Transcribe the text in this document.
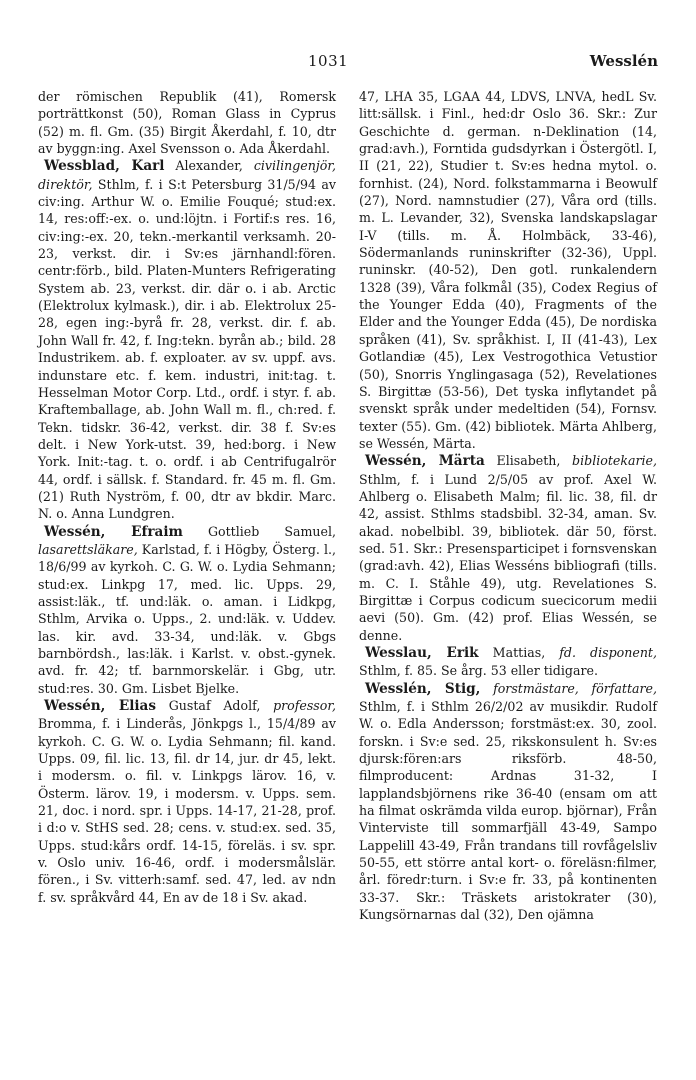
1031	Wesslén

der römischen Republik (41), Romersk porträttkonst (50), Roman Glass in Cyprus (52) m. fl. Gm. (35) Birgit Åkerdahl, f. 10, dtr av byggn:ing. Axel Svensson o. Ada Åkerdahl.

Wessblad, Karl Alexander, civilingenjör, direktör, Sthlm, f. i S:t Petersburg 31/5/94 av civ:ing. Arthur W. o. Emilie Fouqué; stud:ex. 14, res:off:-ex. o. und:löjtn. i Fortif:s res. 16, civ:ing:-ex. 20, tekn.-merkantil verksamh. 20-23, verkst. dir. i Sv:es järnhandl:fören. centr:förb., bild. Platen-Munters Refrigerating System ab. 23, verkst. dir. där o. i ab. Arctic (Elektrolux kylmask.), dir. i ab. Elektrolux 25-28, egen ing:-byrå fr. 28, verkst. dir. f. ab. John Wall fr. 42, f. Ing:tekn. byrån ab.; bild. 28 Industrikem. ab. f. exploater. av sv. uppf. avs. indunstare etc. f. kem. industri, init:tag. t. Hesselman Motor Corp. Ltd., ordf. i styr. f. ab. Kraftemballage, ab. John Wall m. fl., ch:red. f. Tekn. tidskr. 36-42, verkst. dir. 38 f. Sv:es delt. i New York-utst. 39, hed:borg. i New York. Init:-tag. t. o. ordf. i ab Centrifugalrör 44, ordf. i sällsk. f. Standard. fr. 45 m. fl. Gm. (21) Ruth Nyström, f. 00, dtr av bkdir. Marc. N. o. Anna Lundgren.

Wessén, Efraim Gottlieb Samuel, lasarettsläkare, Karlstad, f. i Högby, Österg. l., 18/6/99 av kyrkoh. C. G. W. o. Lydia Sehmann; stud:ex. Linkpg 17, med. lic. Upps. 29, assist:läk., tf. und:läk. o. aman. i Lidkpg, Sthlm, Arvika o. Upps., 2. und:läk. v. Uddev. las. kir. avd. 33-34, und:läk. v. Gbgs barnbördsh., las:läk. i Karlst. v. obst.-gynek. avd. fr. 42; tf. barnmorskelär. i Gbg, utr. stud:res. 30. Gm. Lisbet Bjelke.

Wessén, Elias Gustaf Adolf, professor, Bromma, f. i Linderås, Jönkpgs l., 15/4/89 av kyrkoh. C. G. W. o. Lydia Sehmann; fil. kand. Upps. 09, fil. lic. 13, fil. dr 14, jur. dr 45, lekt. i modersm. o. fil. v. Linkpgs lärov. 16, v. Österm. lärov. 19, i modersm. v. Upps. sem. 21, doc. i nord. spr. i Upps. 14-17, 21-28, prof. i d:o v. StHS sed. 28; cens. v. stud:ex. sed. 35, Upps. stud:kårs ordf. 14-15, föreläs. i sv. spr. v. Oslo univ. 16-46, ordf. i modersmålslär. fören., i Sv. vitterh:samf. sed. 47, led. av ndn f. sv. språkvård 44, En av de 18 i Sv. akad.

47, LHA 35, LGAA 44, LDVS, LNVA, hedL Sv. litt:sällsk. i Finl., hed:dr Oslo 36. Skr.: Zur Geschichte d. german. n-Deklination (14, grad:avh.), Forntida gudsdyrkan i Östergötl. I, II (21, 22), Studier t. Sv:es hedna mytol. o. fornhist. (24), Nord. folkstammarna i Beowulf (27), Nord. namnstudier (27), Våra ord (tills. m. L. Levander, 32), Svenska landskapslagar I-V (tills. m. Å. Holmbäck, 33-46), Södermanlands runinskrifter (32-36), Uppl. runinskr. (40-52), Den gotl. runkalendern 1328 (39), Våra folkmål (35), Codex Regius of the Younger Edda (40), Fragments of the Elder and the Younger Edda (45), De nordiska språken (41), Sv. språkhist. I, II (41-43), Lex Gotlandiæ (45), Lex Vestrogothica Vetustior (50), Snorris Ynglingasaga (52), Revelationes S. Birgittæ (53-56), Det tyska inflytandet på svenskt språk under medeltiden (54), Fornsv. texter (55). Gm. (42) bibliotek. Märta Ahlberg, se Wessén, Märta.

Wessén, Märta Elisabeth, bibliotekarie, Sthlm, f. i Lund 2/5/05 av prof. Axel W. Ahlberg o. Elisabeth Malm; fil. lic. 38, fil. dr 42, assist. Sthlms stadsbibl. 32-34, aman. Sv. akad. nobelbibl. 39, bibliotek. där 50, först. sed. 51. Skr.: Presensparticipet i fornsvenskan (grad:avh. 42), Elias Wesséns bibliografi (tills. m. C. I. Ståhle 49), utg. Revelationes S. Birgittæ i Corpus codicum suecicorum medii aevi (50). Gm. (42) prof. Elias Wessén, se denne.

Wesslau, Erik Mattias, fd. disponent, Sthlm, f. 85. Se årg. 53 eller tidigare.

Wesslén, Stig, forstmästare, författare, Sthlm, f. i Sthlm 26/2/02 av musikdir. Rudolf W. o. Edla Andersson; forstmäst:ex. 30, zool. forskn. i Sv:e sed. 25, rikskonsulent h. Sv:es djursk:fören:ars riksförb. 48-50, filmproducent: Ardnas 31-32, I lapplandsbjörnens rike 36-40 (ensam om att ha filmat oskrämda vilda europ. björnar), Från Vinterviste till sommarfjäll 43-49, Sampo Lappelill 43-49, Från trandans till rovfågelsliv 50-55, ett större antal kort- o. föreläsn:filmer, årl. föredr:turn. i Sv:e fr. 33, på kontinenten 33-37. Skr.: Träskets aristokrater (30), Kungsörnarnas dal (32), Den ojämna
